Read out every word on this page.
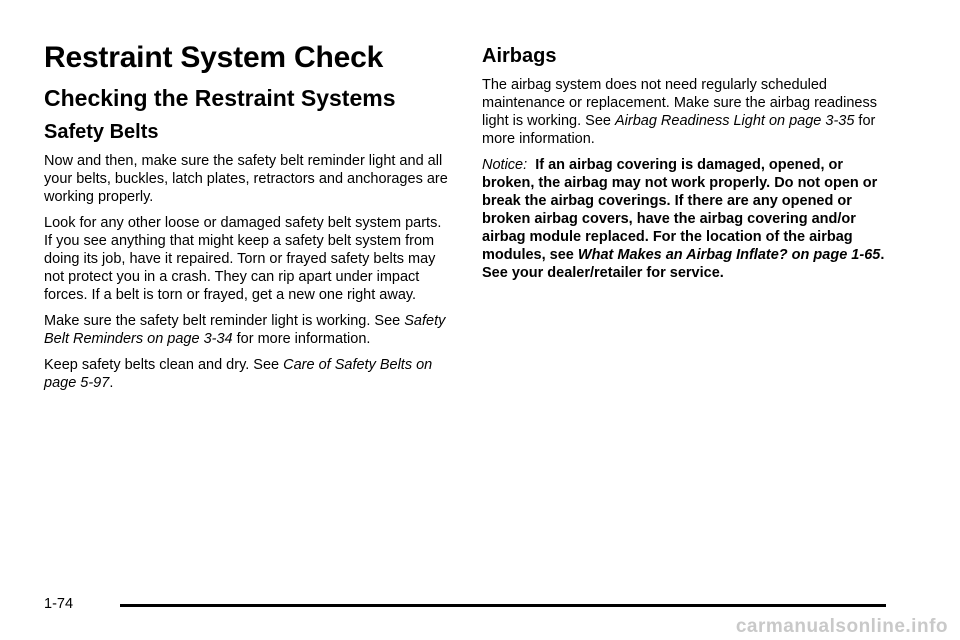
Restraint System Check
Checking the Restraint Systems
Safety Belts

Now and then, make sure the safety belt reminder light and all your belts, buckles, latch plates, retractors and anchorages are working properly.

Look for any other loose or damaged safety belt system parts. If you see anything that might keep a safety belt system from doing its job, have it repaired. Torn or frayed safety belts may not protect you in a crash. They can rip apart under impact forces. If a belt is torn or frayed, get a new one right away.

Make sure the safety belt reminder light is working. See Safety Belt Reminders on page 3-34 for more information.

Keep safety belts clean and dry. See Care of Safety Belts on page 5-97.

Airbags

The airbag system does not need regularly scheduled maintenance or replacement. Make sure the airbag readiness light is working. See Airbag Readiness Light on page 3-35 for more information.

Notice: If an airbag covering is damaged, opened, or broken, the airbag may not work properly. Do not open or break the airbag coverings. If there are any opened or broken airbag covers, have the airbag covering and/or airbag module replaced. For the location of the airbag modules, see What Makes an Airbag Inflate? on page 1-65. See your dealer/retailer for service.

1-74
carmanualsonline.info
